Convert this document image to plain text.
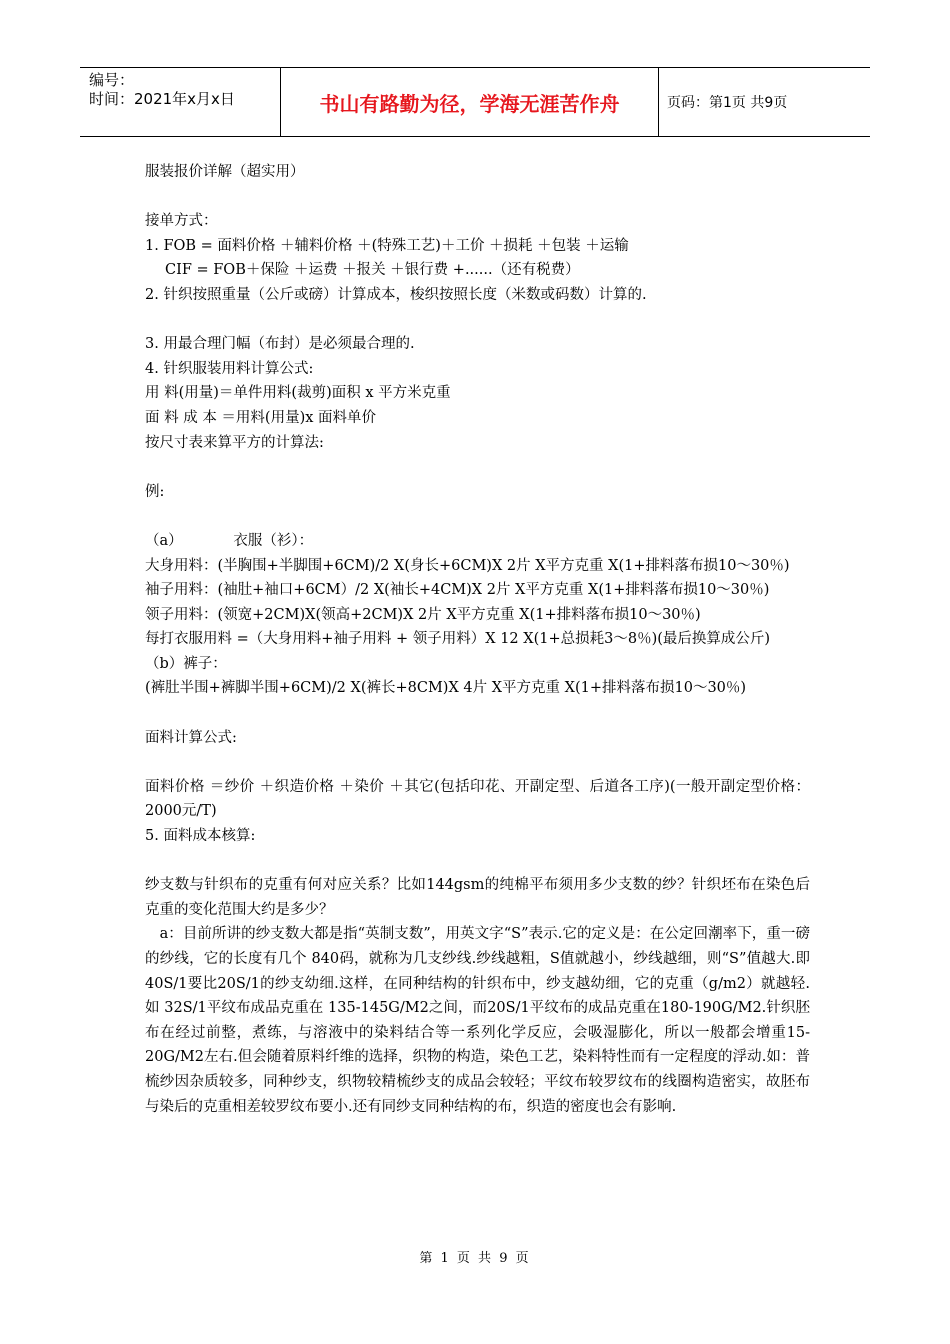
编号：
时间：2021年x月x日	书山有路勤为径，学海无涯苦作舟	页码：第1页 共9页

服装报价详解（超实用）

接单方式：

1. FOB = 面料价格 ＋辅料价格 ＋(特殊工艺)＋工价 ＋损耗 ＋包装 ＋运输

CIF = FOB＋保险 ＋运费 ＋报关 ＋银行费 +......（还有税费）

2. 针织按照重量（公斤或磅）计算成本，梭织按照长度（米数或码数）计算的.

3. 用最合理门幅（布封）是必须最合理的.

4. 针织服装用料计算公式:

用 料(用量)＝单件用料(裁剪)面积 x 平方米克重

面 料 成 本 ＝用料(用量)x 面料单价

按尺寸表来算平方的计算法:

例:

（a）　　　　衣服（衫）：

大身用料：(半胸围+半脚围+6CM)/2 X(身长+6CM)X 2片 X平方克重 X(1+排料落布损10～30％)

袖子用料：(袖肚+袖口+6CM）/2 X(袖长+4CM)X 2片 X平方克重 X(1+排料落布损10～30％)

领子用料：(领宽+2CM)X(领高+2CM)X 2片 X平方克重 X(1+排料落布损10～30％)

每打衣服用料 =（大身用料+袖子用料 + 领子用料）X 12 X(1+总损耗3～8％)(最后换算成公斤)

（b）裤子：

(裤肚半围+裤脚半围+6CM)/2 X(裤长+8CM)X 4片 X平方克重 X(1+排料落布损10～30％)

面料计算公式:

面料价格 ＝纱价 ＋织造价格 ＋染价 ＋其它(包括印花、开副定型、后道各工序)(一般开副定型价格：2000元/T)

5. 面料成本核算:

纱支数与针织布的克重有何对应关系？比如144gsm的纯棉平布须用多少支数的纱？针织坯布在染色后克重的变化范围大约是多少？

　a：目前所讲的纱支数大都是指“英制支数”，用英文字“S”表示.它的定义是：在公定回潮率下，重一磅的纱线，它的长度有几个 840码，就称为几支纱线.纱线越粗，S值就越小，纱线越细，则“S”值越大.即40S/1要比20S/1的纱支幼细.这样，在同种结构的针织布中，纱支越幼细，它的克重（g/m2）就越轻.如 32S/1平纹布成品克重在 135-145G/M2之间，而20S/1平纹布的成品克重在180-190G/M2.针织胚布在经过前整，煮练，与溶液中的染料结合等一系列化学反应，会吸湿膨化，所以一般都会增重15-20G/M2左右.但会随着原料纤维的选择，织物的构造，染色工艺，染料特性而有一定程度的浮动.如：普梳纱因杂质较多，同种纱支，织物较精梳纱支的成品会较轻；平纹布较罗纹布的线圈构造密实，故胚布与染后的克重相差较罗纹布要小.还有同纱支同种结构的布，织造的密度也会有影响.

第 1 页 共 9 页
